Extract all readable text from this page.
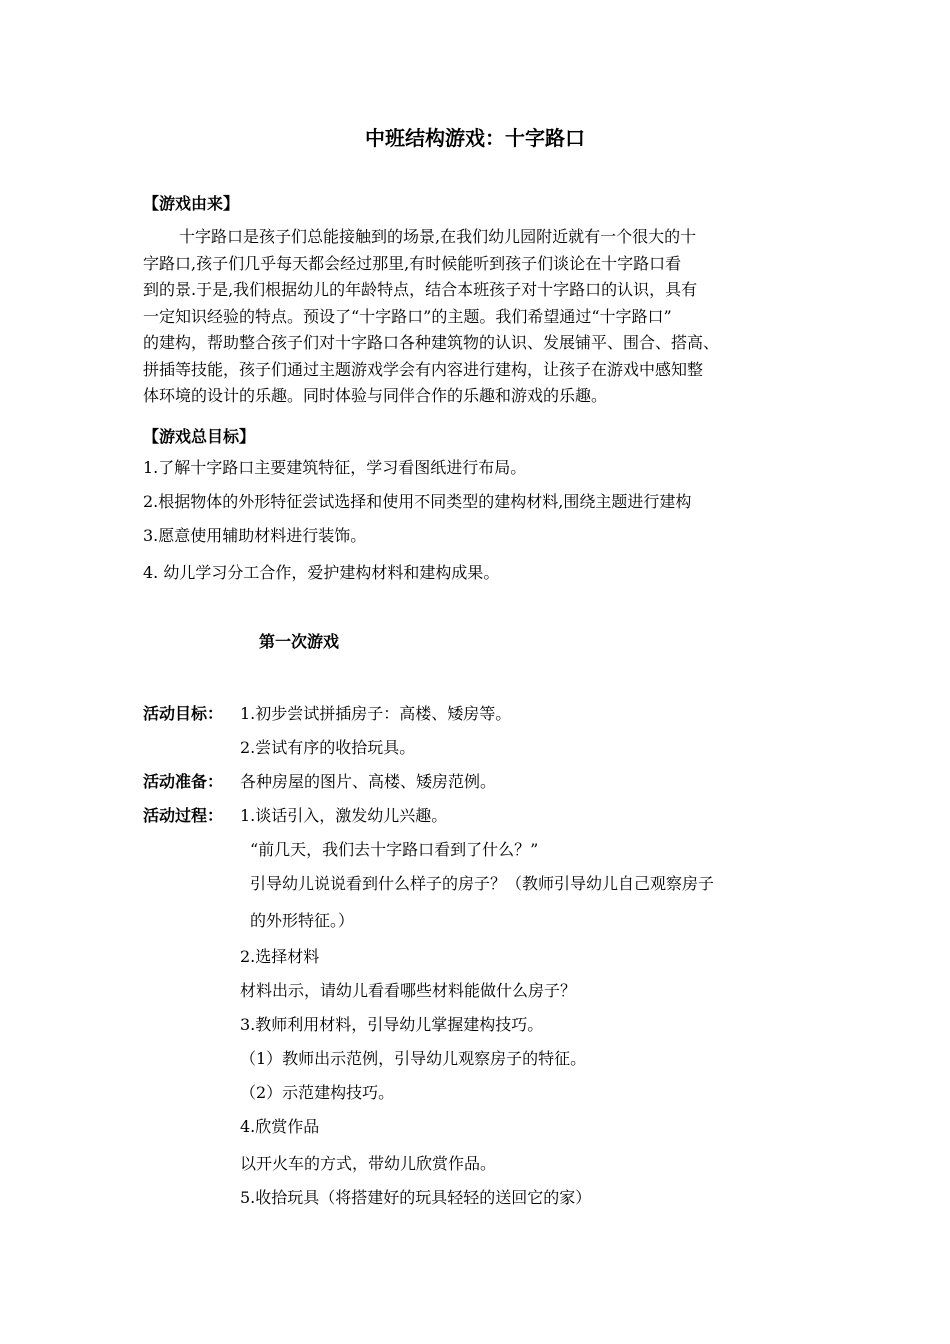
中班结构游戏：十字路口
【游戏由来】
十字路口是孩子们总能接触到的场景,在我们幼儿园附近就有一个很大的十
字路口,孩子们几乎每天都会经过那里,有时候能听到孩子们谈论在十字路口看
到的景.于是,我们根据幼儿的年龄特点，结合本班孩子对十字路口的认识，具有
一定知识经验的特点。预设了“十字路口”的主题。我们希望通过“十字路口”
的建构，帮助整合孩子们对十字路口各种建筑物的认识、发展铺平、围合、搭高、
拼插等技能，孩子们通过主题游戏学会有内容进行建构，让孩子在游戏中感知整
体环境的设计的乐趣。同时体验与同伴合作的乐趣和游戏的乐趣。
【游戏总目标】
1.了解十字路口主要建筑特征，学习看图纸进行布局。
2.根据物体的外形特征尝试选择和使用不同类型的建构材料,围绕主题进行建构
3.愿意使用辅助材料进行装饰。
4. 幼儿学习分工合作，爱护建构材料和建构成果。
第一次游戏
活动目标： 1.初步尝试拼插房子：高楼、矮房等。
2.尝试有序的收拾玩具。
活动准备： 各种房屋的图片、高楼、矮房范例。
活动过程： 1.谈话引入，激发幼儿兴趣。
“前几天，我们去十字路口看到了什么？”
引导幼儿说说看到什么样子的房子？（教师引导幼儿自己观察房子
的外形特征。）
2.选择材料
材料出示，请幼儿看看哪些材料能做什么房子？
3.教师利用材料，引导幼儿掌握建构技巧。
（1）教师出示范例，引导幼儿观察房子的特征。
（2）示范建构技巧。
4.欣赏作品
以开火车的方式，带幼儿欣赏作品。
5.收拾玩具（将搭建好的玩具轻轻的送回它的家）
